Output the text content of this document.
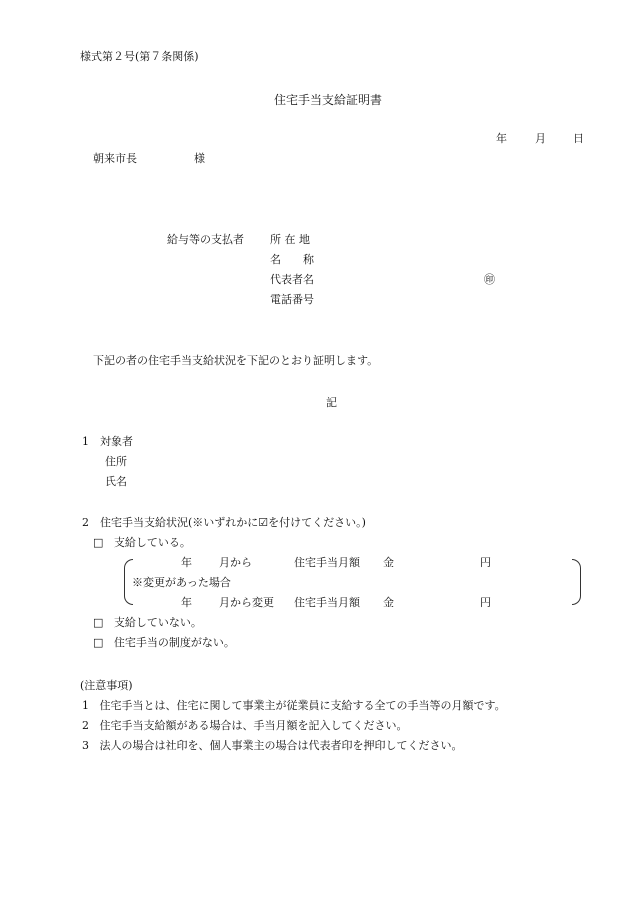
様式第２号(第７条関係)
住宅手当支給証明書
年	月 日
朝来市長	様
給与等の支払者 所 在 地
名　　称
代表者名	㊞
電話番号
下記の者の住宅手当支給状況を下記のとおり証明します。
記
1　対象者
住所
氏名
2　住宅手当支給状況(※いずれかに☑を付けてください。)
□ 支給している。
年 月から	住宅手当月額 金	円
※変更があった場合
年 月から変更 住宅手当月額 金	円
□ 支給していない。
□ 住宅手当の制度がない。
(注意事項)
1 住宅手当とは、住宅に関して事業主が従業員に支給する全ての手当等の月額です。
2 住宅手当支給額がある場合は、手当月額を記入してください。
3 法人の場合は社印を、個人事業主の場合は代表者印を押印してください。
